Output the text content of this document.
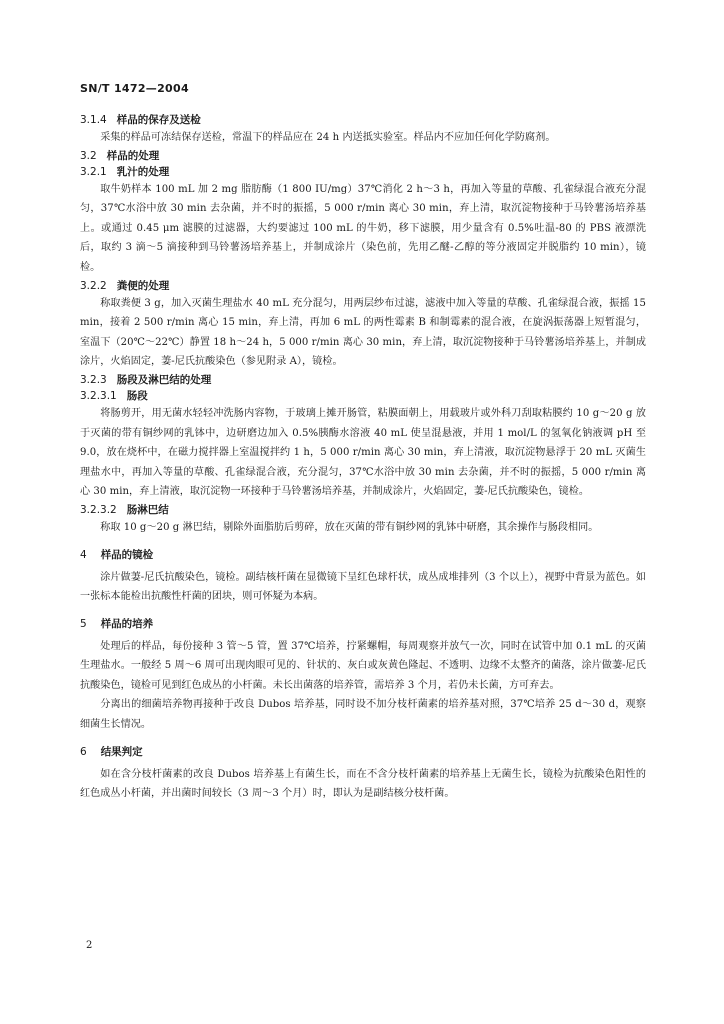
SN/T 1472—2004
3.1.4 样品的保存及送检

采集的样品可冻结保存送检，常温下的样品应在 24 h 内送抵实验室。样品内不应加任何化学防腐剂。

3.2 样品的处理
3.2.1 乳汁的处理

取牛奶样本 100 mL 加 2 mg 脂肪酶（1 800 IU/mg）37℃消化 2 h～3 h，再加入等量的草酸、孔雀绿混合液充分混匀，37℃水浴中放 30 min 去杂菌，并不时的振摇，5 000 r/min 离心 30 min，弃上清，取沉淀物接种于马铃薯汤培养基上。或通过 0.45 μm 滤膜的过滤器，大约要滤过 100 mL 的牛奶，移下滤膜，用少量含有 0.5%吐温-80 的 PBS 液漂洗后，取约 3 滴～5 滴接种到马铃薯汤培养基上，并制成涂片（染色前，先用乙醚-乙醇的等分液固定并脱脂约 10 min），镜检。

3.2.2 粪便的处理

称取粪便 3 g，加入灭菌生理盐水 40 mL 充分混匀，用两层纱布过滤，滤液中加入等量的草酸、孔雀绿混合液，振摇 15 min，接着 2 500 r/min 离心 15 min，弃上清，再加 6 mL 的两性霉素 B 和制霉素的混合液，在旋涡振荡器上短暂混匀，室温下（20℃～22℃）静置 18 h～24 h，5 000 r/min 离心 30 min，弃上清，取沉淀物接种于马铃薯汤培养基上，并制成涂片，火焰固定，萋-尼氏抗酸染色（参见附录 A），镜检。

3.2.3 肠段及淋巴结的处理
3.2.3.1 肠段

将肠剪开，用无菌水轻轻冲洗肠内容物，于玻璃上摊开肠管，粘膜面朝上，用载玻片或外科刀刮取粘膜约 10 g～20 g 放于灭菌的带有铜纱网的乳钵中，边研磨边加入 0.5%胰酶水溶液 40 mL 使呈混悬液，并用 1 mol/L 的氢氧化钠液调 pH 至 9.0，放在烧杯中，在磁力搅拌器上室温搅拌约 1 h，5 000 r/min 离心 30 min，弃上清液，取沉淀物悬浮于 20 mL 灭菌生理盐水中，再加入等量的草酸、孔雀绿混合液，充分混匀，37℃水浴中放 30 min 去杂菌，并不时的振摇，5 000 r/min 离心 30 min，弃上清液，取沉淀物一环接种于马铃薯汤培养基，并制成涂片，火焰固定，萋-尼氏抗酸染色，镜检。

3.2.3.2 肠淋巴结

称取 10 g～20 g 淋巴结，剔除外面脂肪后剪碎，放在灭菌的带有铜纱网的乳钵中研磨，其余操作与肠段相同。

4 样品的镜检

涂片做萋-尼氏抗酸染色，镜检。副结核杆菌在显微镜下呈红色球杆状，成丛成堆排列（3 个以上），视野中背景为蓝色。如一张标本能检出抗酸性杆菌的团块，则可怀疑为本病。

5 样品的培养

处理后的样品，每份接种 3 管～5 管，置 37℃培养，拧紧螺帽，每周观察并放气一次，同时在试管中加 0.1 mL 的灭菌生理盐水。一般经 5 周～6 周可出现肉眼可见的、针状的、灰白或灰黄色隆起、不透明、边缘不太整齐的菌落，涂片做萋-尼氏抗酸染色，镜检可见到红色成丛的小杆菌。未长出菌落的培养管，需培养 3 个月，若仍未长菌，方可弃去。

分离出的细菌培养物再接种于改良 Dubos 培养基，同时设不加分枝杆菌素的培养基对照，37℃培养 25 d～30 d，观察细菌生长情况。

6 结果判定

如在含分枝杆菌素的改良 Dubos 培养基上有菌生长，而在不含分枝杆菌素的培养基上无菌生长，镜检为抗酸染色阳性的红色成丛小杆菌，并出菌时间较长（3 周～3 个月）时，即认为是副结核分枝杆菌。

2
